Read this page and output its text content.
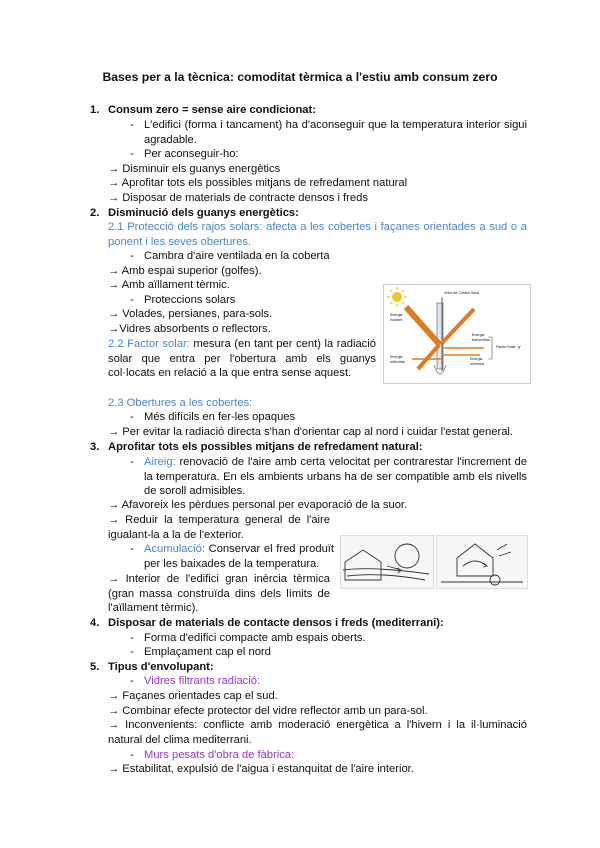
Bases per a la tècnica: comoditat tèrmica a l'estiu amb consum zero
1. Consum zero = sense aire condicionat:
- L'edifici (forma i tancament) ha d'aconseguir que la temperatura interior sigui agradable.
- Per aconseguir-ho:
→ Disminuir els guanys energètics
→ Aprofitar tots els possibles mitjans de refredament natural
→ Disposar de materials de contracte densos i freds
2. Disminució dels guanys energètics:
2.1 Protecció dels rajos solars: afecta a les cobertes i façanes orientades a sud o a ponent i les seves obertures.
- Cambra d'aire ventilada en la coberta
→ Amb espai superior (golfes).
→ Amb aïllament tèrmic.
- Proteccions solars
→ Volades, persianes, para-sols.
→Vidres absorbents o reflectors.
2.2 Factor solar: mesura (en tant per cent) la radiació solar que entra per l'obertura amb els guanys col·locats en relació a la que entra sense aquest.
2.3 Obertures a les cobertes:
- Més difícils en fer-les opaques
→ Per evitar la radiació directa s'han d'orientar cap al nord i cuidar l'estat general.
Vidre de Control Solar
Energia incident
Energia transmitida
Energia reflectida
Energia reemesa
Factor Solar "g"
3. Aprofitar tots els possibles mitjans de refredament natural:
- Aireig: renovació de l'aire amb certa velocitat per contrarestar l'increment de la temperatura. En els ambients urbans ha de ser compatible amb els nivells de soroll admisibles.
→ Afavoreix les pèrdues personal per evaporació de la suor.
→ Reduir la temperatura general de l'aire igualant-la a la de l'exterior.
- Acumulació: Conservar el fred produït per les baixades de la temperatura.
→ Interior de l'edifici gran inèrcia tèrmica (gran massa construïda dins dels límits de l'aïllament tèrmic).
4. Disposar de materials de contacte densos i freds (mediterrani):
- Forma d'edifici compacte amb espais oberts.
- Emplaçament cap el nord
5. Tipus d'envolupant:
- Vidres filtrants radiació:
→ Façanes orientades cap el sud.
→ Combinar efecte protector del vidre reflector amb un para-sol.
→ Inconvenients: conflicte amb moderació energètica a l'hivern i la il·luminació natural del clima mediterrani.
- Murs pesats d'obra de fàbrica:
→ Estabilitat, expulsió de l'aigua i estanquitat de l'aire interior.
